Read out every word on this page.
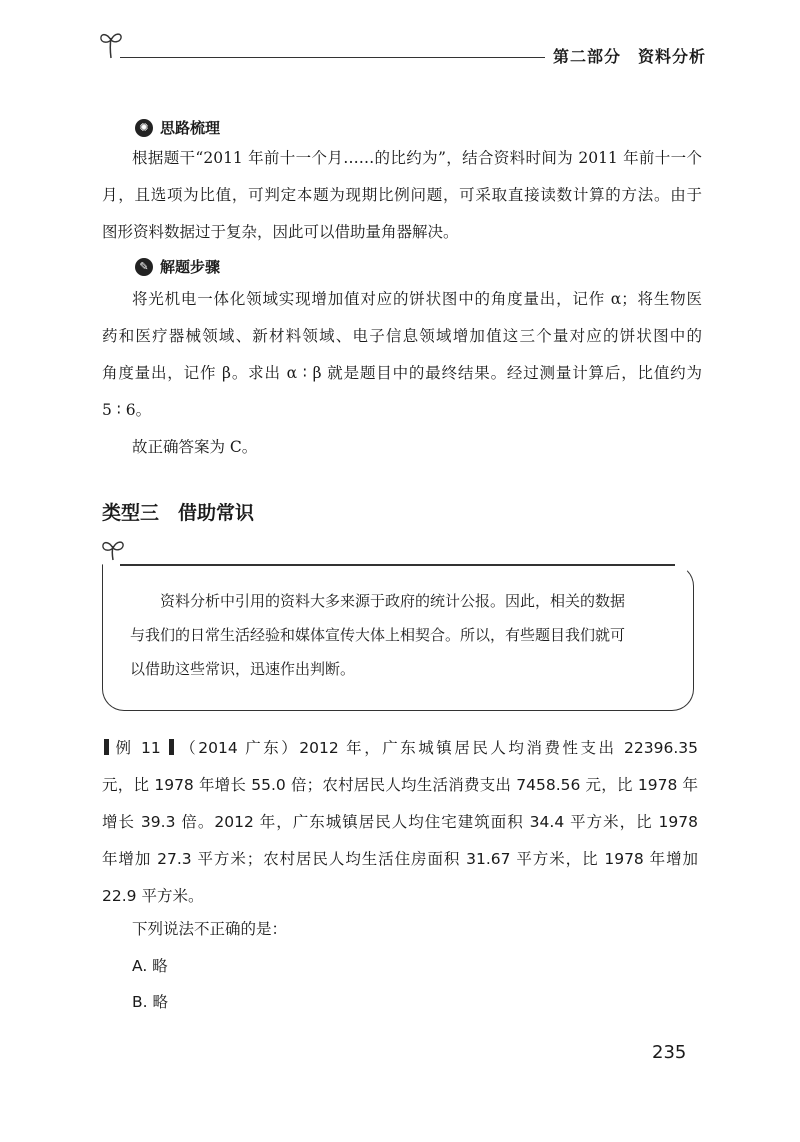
第二部分　资料分析
✺ 思路梳理
根据题干“2011 年前十一个月……的比约为”，结合资料时间为 2011 年前十一个
月，且选项为比值，可判定本题为现期比例问题，可采取直接读数计算的方法。由于
图形资料数据过于复杂，因此可以借助量角器解决。
✎ 解题步骤
将光机电一体化领域实现增加值对应的饼状图中的角度量出，记作 α；将生物医
药和医疗器械领域、新材料领域、电子信息领域增加值这三个量对应的饼状图中的
角度量出，记作 β。求出 α ∶ β 就是题目中的最终结果。经过测量计算后，比值约为
5 ∶ 6。
故正确答案为 C。
类型三　借助常识
资料分析中引用的资料大多来源于政府的统计公报。因此，相关的数据
与我们的日常生活经验和媒体宣传大体上相契合。所以，有些题目我们就可
以借助这些常识，迅速作出判断。
例 11 （2014 广东）2012 年，广东城镇居民人均消费性支出 22396.35
元，比 1978 年增长 55.0 倍；农村居民人均生活消费支出 7458.56 元，比 1978 年
增长 39.3 倍。2012 年，广东城镇居民人均住宅建筑面积 34.4 平方米，比 1978
年增加 27.3 平方米；农村居民人均生活住房面积 31.67 平方米，比 1978 年增加
22.9 平方米。
下列说法不正确的是：
A. 略
B. 略
235
